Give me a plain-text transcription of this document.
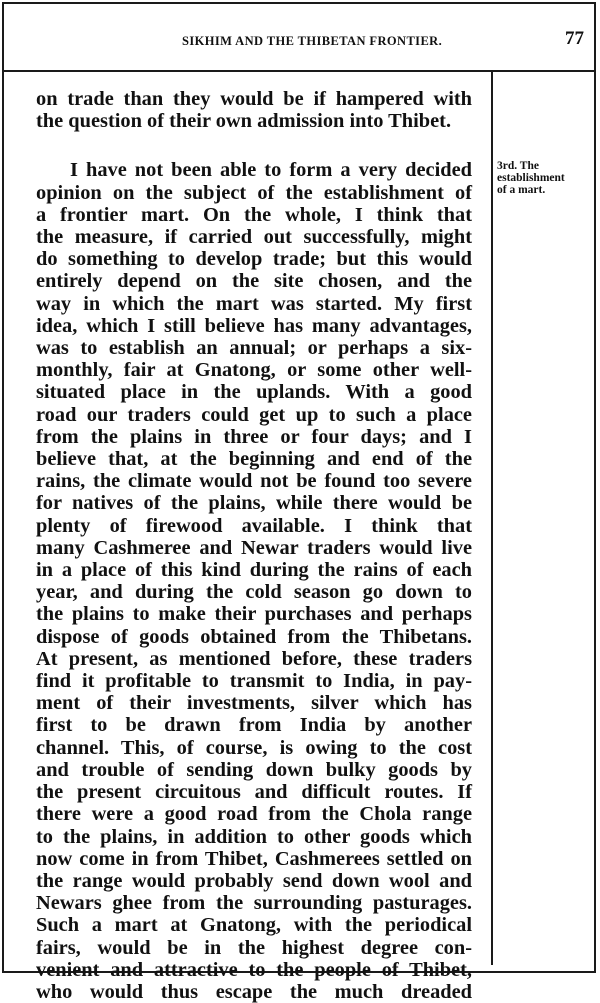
SIKHIM AND THE THIBETAN FRONTIER.	77
on trade than they would be if hampered with
the question of their own admission into Thibet.
I have not been able to form a very decided
opinion on the subject of the establishment of
a frontier mart. On the whole, I think that
the measure, if carried out successfully, might
do something to develop trade; but this would
entirely depend on the site chosen, and the
way in which the mart was started. My first
idea, which I still believe has many advantages,
was to establish an annual; or perhaps a six-
monthly, fair at Gnatong, or some other well-
situated place in the uplands. With a good
road our traders could get up to such a place
from the plains in three or four days; and I
believe that, at the beginning and end of the
rains, the climate would not be found too severe
for natives of the plains, while there would be
plenty of firewood available. I think that
many Cashmeree and Newar traders would live
in a place of this kind during the rains of each
year, and during the cold season go down to
the plains to make their purchases and perhaps
dispose of goods obtained from the Thibetans.
At present, as mentioned before, these traders
find it profitable to transmit to India, in pay-
ment of their investments, silver which has
first to be drawn from India by another
channel. This, of course, is owing to the cost
and trouble of sending down bulky goods by
the present circuitous and difficult routes. If
there were a good road from the Chola range
to the plains, in addition to other goods which
now come in from Thibet, Cashmerees settled on
the range would probably send down wool and
Newars ghee from the surrounding pasturages.
Such a mart at Gnatong, with the periodical
fairs, would be in the highest degree con-
venient and attractive to the people of Thibet,
who would thus escape the much dreaded
3rd. The
establishment
of a mart.
